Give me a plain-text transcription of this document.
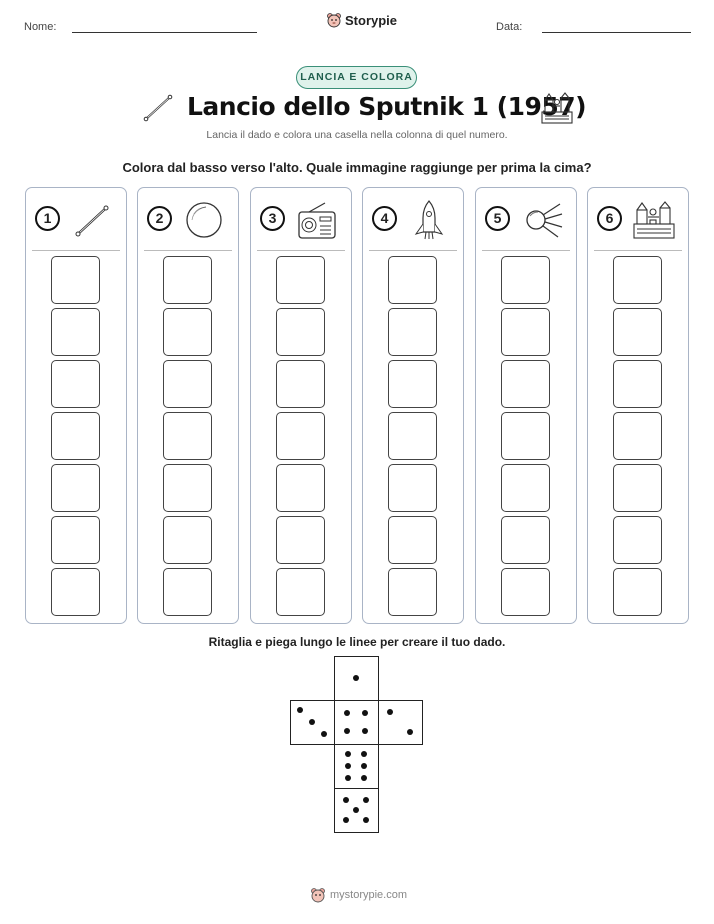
Nome:	Storypie	Data:
LANCIA E COLORA
Lancio dello Sputnik 1 (1957)
Lancia il dado e colora una casella nella colonna di quel numero.
Colora dal basso verso l'alto. Quale immagine raggiunge per prima la cima?
1	2	3	4	5	6
Ritaglia e piega lungo le linee per creare il tuo dado.
mystorypie.com
